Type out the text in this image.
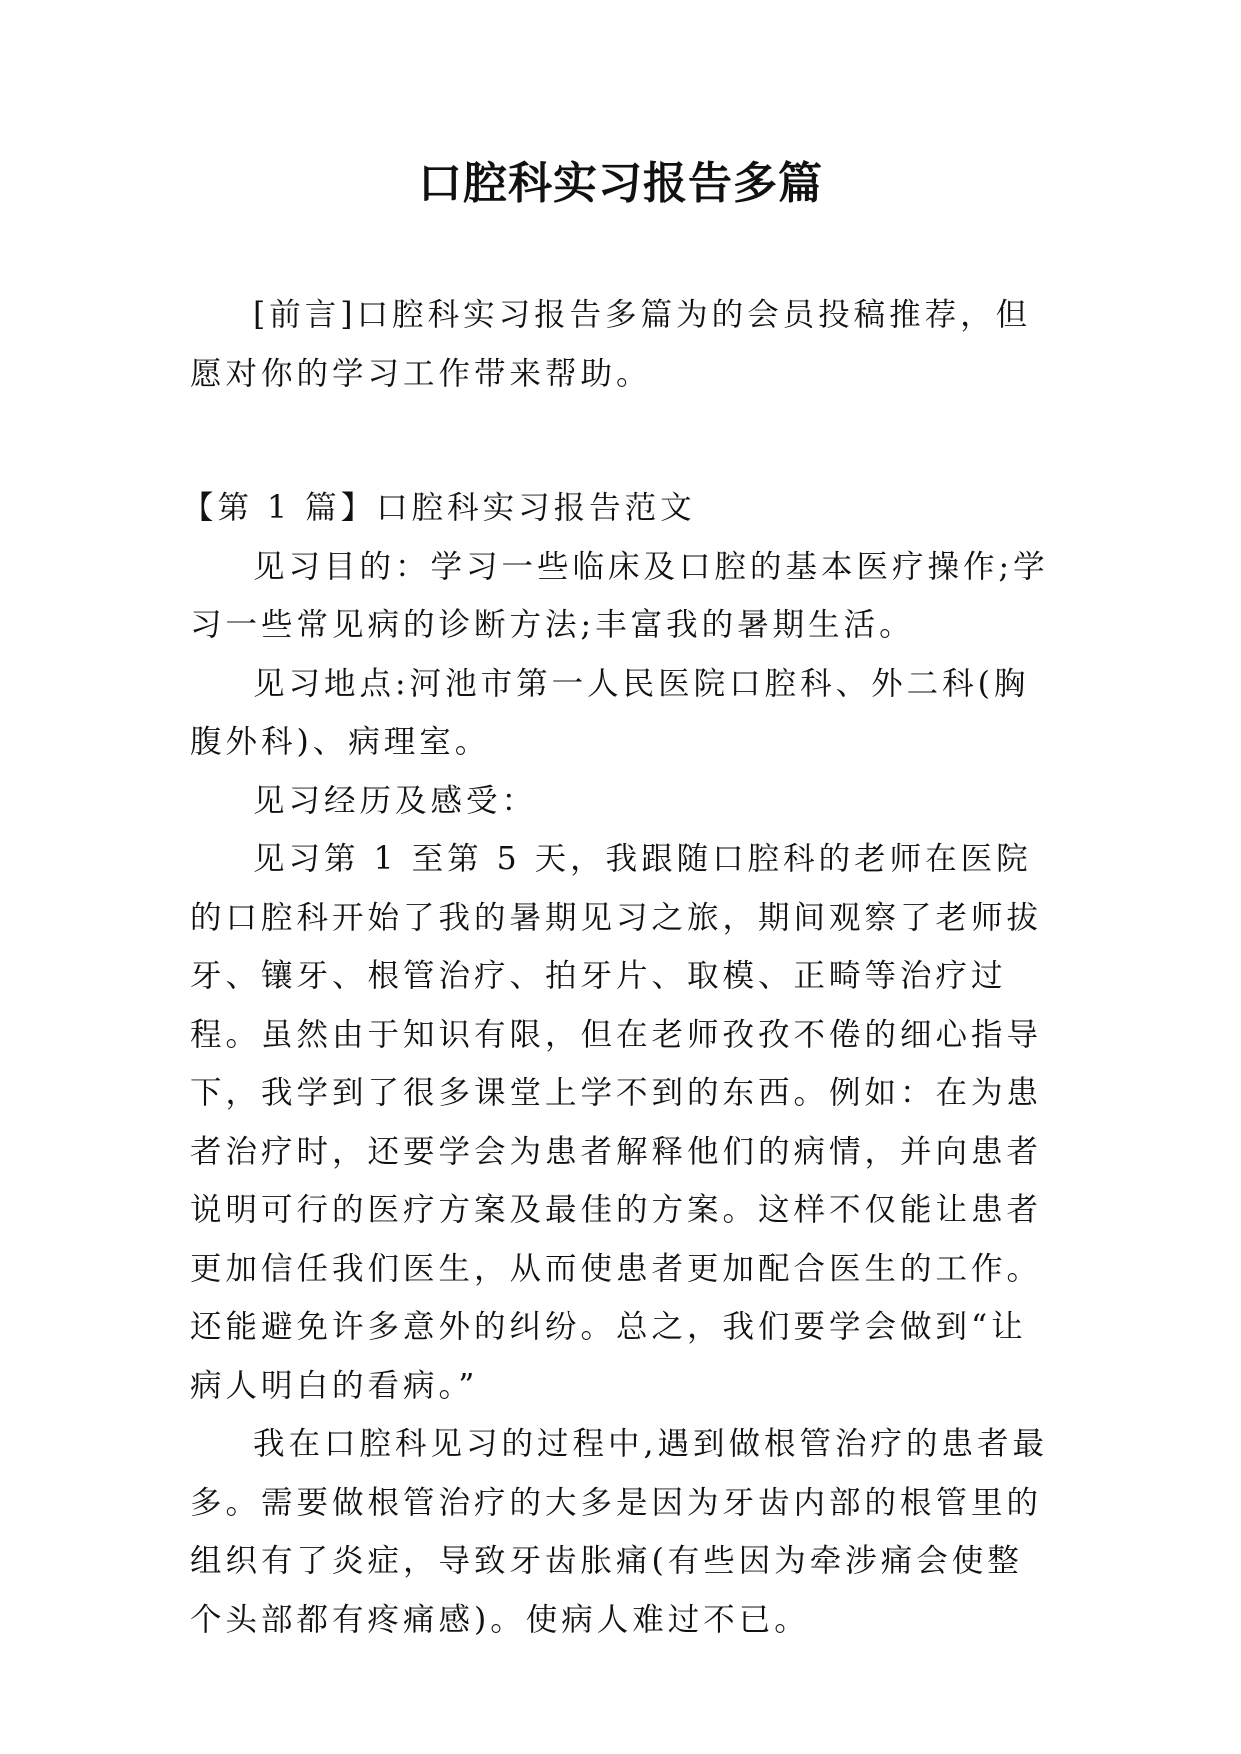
口腔科实习报告多篇

[前言]口腔科实习报告多篇为的会员投稿推荐，但愿对你的学习工作带来帮助。

【第 1 篇】口腔科实习报告范文

见习目的：学习一些临床及口腔的基本医疗操作;学习一些常见病的诊断方法;丰富我的暑期生活。

见习地点:河池市第一人民医院口腔科、外二科(胸腹外科)、病理室。

见习经历及感受：

见习第 1 至第 5 天，我跟随口腔科的老师在医院的口腔科开始了我的暑期见习之旅，期间观察了老师拔牙、镶牙、根管治疗、拍牙片、取模、正畸等治疗过程。虽然由于知识有限，但在老师孜孜不倦的细心指导下，我学到了很多课堂上学不到的东西。例如：在为患者治疗时，还要学会为患者解释他们的病情，并向患者说明可行的医疗方案及最佳的方案。这样不仅能让患者更加信任我们医生，从而使患者更加配合医生的工作。还能避免许多意外的纠纷。总之，我们要学会做到“让病人明白的看病。”

我在口腔科见习的过程中,遇到做根管治疗的患者最多。需要做根管治疗的大多是因为牙齿内部的根管里的组织有了炎症，导致牙齿胀痛(有些因为牵涉痛会使整个头部都有疼痛感)。使病人难过不已。
